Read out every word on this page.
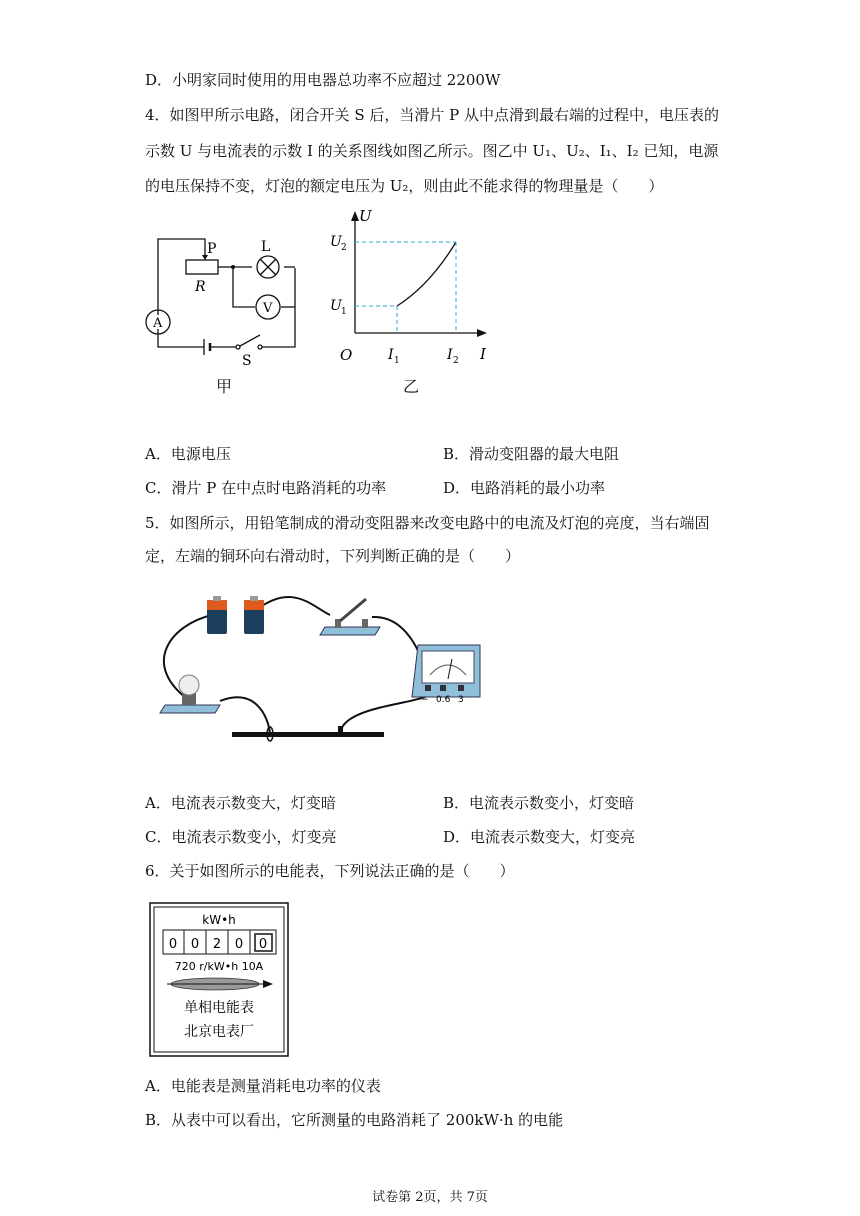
D．小明家同时使用的用电器总功率不应超过 2200W
4．如图甲所示电路，闭合开关 S 后，当滑片 P 从中点滑到最右端的过程中，电压表的
示数 U 与电流表的示数 I 的关系图线如图乙所示。图乙中 U₁、U₂、I₁、I₂ 已知，电源
的电压保持不变，灯泡的额定电压为 U₂，则由此不能求得的物理量是（　　）
P
R
L
V
A
S
甲
U
I
O
U 2
U 1
I 1	I 2
乙
A．电源电压	B．滑动变阻器的最大电阻
C．滑片 P 在中点时电路消耗的功率	D．电路消耗的最小功率
5．如图所示，用铅笔制成的滑动变阻器来改变电路中的电流及灯泡的亮度，当右端固
定，左端的铜环向右滑动时，下列判断正确的是（　　）
− 0.6 3
A．电流表示数变大，灯变暗	B．电流表示数变小，灯变暗
C．电流表示数变小，灯变亮	D．电流表示数变大，灯变亮
6．关于如图所示的电能表，下列说法正确的是（　　）
kW•h
0 0 2 0 0
720 r/kW•h 10A
单相电能表
北京电表厂
A．电能表是测量消耗电功率的仪表
B．从表中可以看出，它所测量的电路消耗了 200kW·h 的电能
试卷第 2页，共 7页
